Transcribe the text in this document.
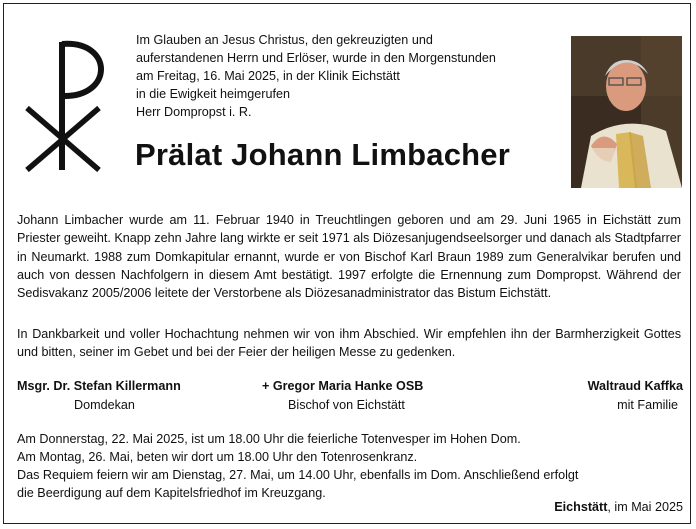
Im Glauben an Jesus Christus, den gekreuzigten und
auferstandenen Herrn und Erlöser, wurde in den Morgenstunden
am Freitag, 16. Mai 2025, in der Klinik Eichstätt
in die Ewigkeit heimgerufen
Herr Dompropst i. R.
Prälat Johann Limbacher

Johann Limbacher wurde am 11. Februar 1940 in Treuchtlingen geboren und am 29. Juni 1965 in Eichstätt zum Priester geweiht. Knapp zehn Jahre lang wirkte er seit 1971 als Diözesanjugendseelsorger und danach als Stadtpfarrer in Neumarkt. 1988 zum Domkapitular ernannt, wurde er von Bischof Karl Braun 1989 zum Generalvikar berufen und auch von dessen Nachfolgern in diesem Amt bestätigt. 1997 erfolgte die Ernennung zum Dompropst. Während der Sedisvakanz 2005/2006 leitete der Verstorbene als Diözesanadministrator das Bistum Eichstätt.

In Dankbarkeit und voller Hochachtung nehmen wir von ihm Abschied. Wir empfehlen ihn der Barmherzigkeit Gottes und bitten, seiner im Gebet und bei der Feier der heiligen Messe zu gedenken.

Msgr. Dr. Stefan Killermann
Domdekan
+ Gregor Maria Hanke OSB
Bischof von Eichstätt
Waltraud Kaffka
mit Familie
Am Donnerstag, 22. Mai 2025, ist um 18.00 Uhr die feierliche Totenvesper im Hohen Dom.
Am Montag, 26. Mai, beten wir dort um 18.00 Uhr den Totenrosenkranz.
Das Requiem feiern wir am Dienstag, 27. Mai, um 14.00 Uhr, ebenfalls im Dom. Anschließend erfolgt
die Beerdigung auf dem Kapitelsfriedhof im Kreuzgang.
Eichstätt, im Mai 2025
